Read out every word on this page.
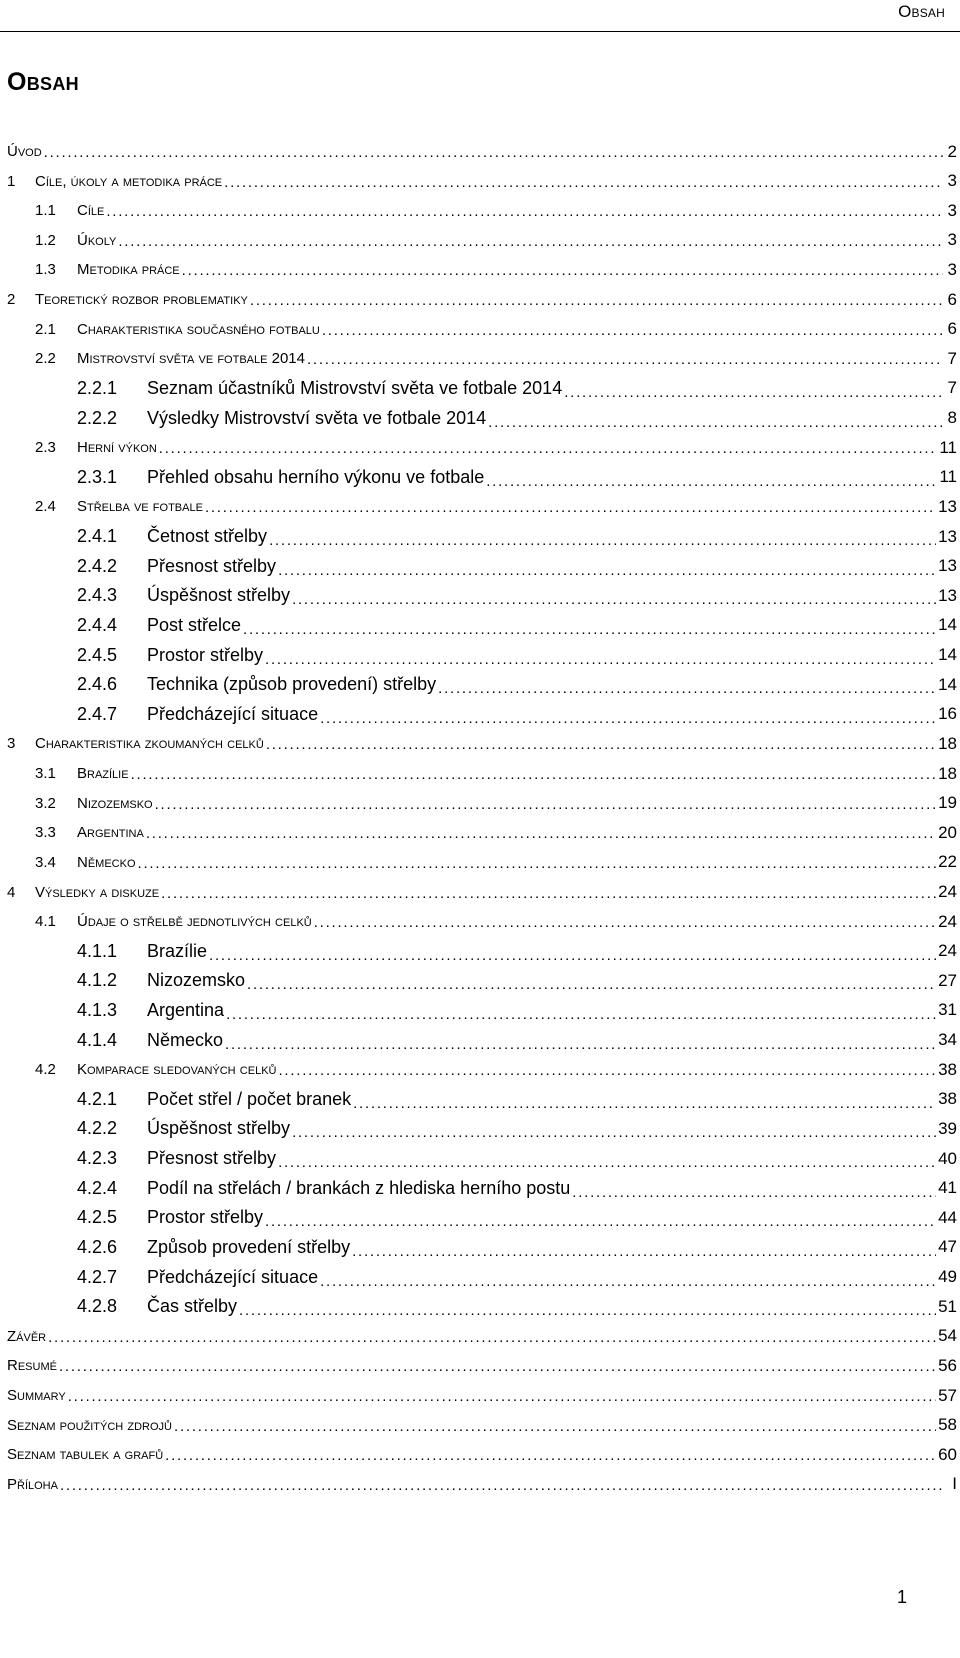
Obsah
Obsah
Úvod . . .	2
1	Cíle, úkoly a metodika práce . . .	3
1.1	Cíle . . .	3
1.2	Úkoly . . .	3
1.3	Metodika práce . . .	3
2	Teoretický rozbor problematiky . . .	6
2.1	Charakteristika současného fotbalu . . .	6
2.2	Mistrovství světa ve fotbale 2014 . . .	7
2.2.1	Seznam účastníků Mistrovství světa ve fotbale 2014 . . .	7
2.2.2	Výsledky Mistrovství světa ve fotbale 2014 . . .	8
2.3	Herní výkon . . .	11
2.3.1	Přehled obsahu herního výkonu ve fotbale . . .	11
2.4	Střelba ve fotbale . . .	13
2.4.1	Četnost střelby . . .	13
2.4.2	Přesnost střelby . . .	13
2.4.3	Úspěšnost střelby . . .	13
2.4.4	Post střelce . . .	14
2.4.5	Prostor střelby . . .	14
2.4.6	Technika (způsob provedení) střelby . . .	14
2.4.7	Předcházející situace . . .	16
3	Charakteristika zkoumaných celků . . .	18
3.1	Brazílie . . .	18
3.2	Nizozemsko . . .	19
3.3	Argentina . . .	20
3.4	Německo . . .	22
4	Výsledky a diskuze . . .	24
4.1	Údaje o střelbě jednotlivých celků . . .	24
4.1.1	Brazílie . . .	24
4.1.2	Nizozemsko . . .	27
4.1.3	Argentina . . .	31
4.1.4	Německo . . .	34
4.2	Komparace sledovaných celků . . .	38
4.2.1	Počet střel / počet branek . . .	38
4.2.2	Úspěšnost střelby . . .	39
4.2.3	Přesnost střelby . . .	40
4.2.4	Podíl na střelách / brankách z hlediska herního postu . . .	41
4.2.5	Prostor střelby . . .	44
4.2.6	Způsob provedení střelby . . .	47
4.2.7	Předcházející situace . . .	49
4.2.8	Čas střelby . . .	51
Závěr . . .	54
Resumé . . .	56
Summary . . .	57
Seznam použitých zdrojů . . .	58
Seznam tabulek a grafů . . .	60
Příloha . . .	I
1
